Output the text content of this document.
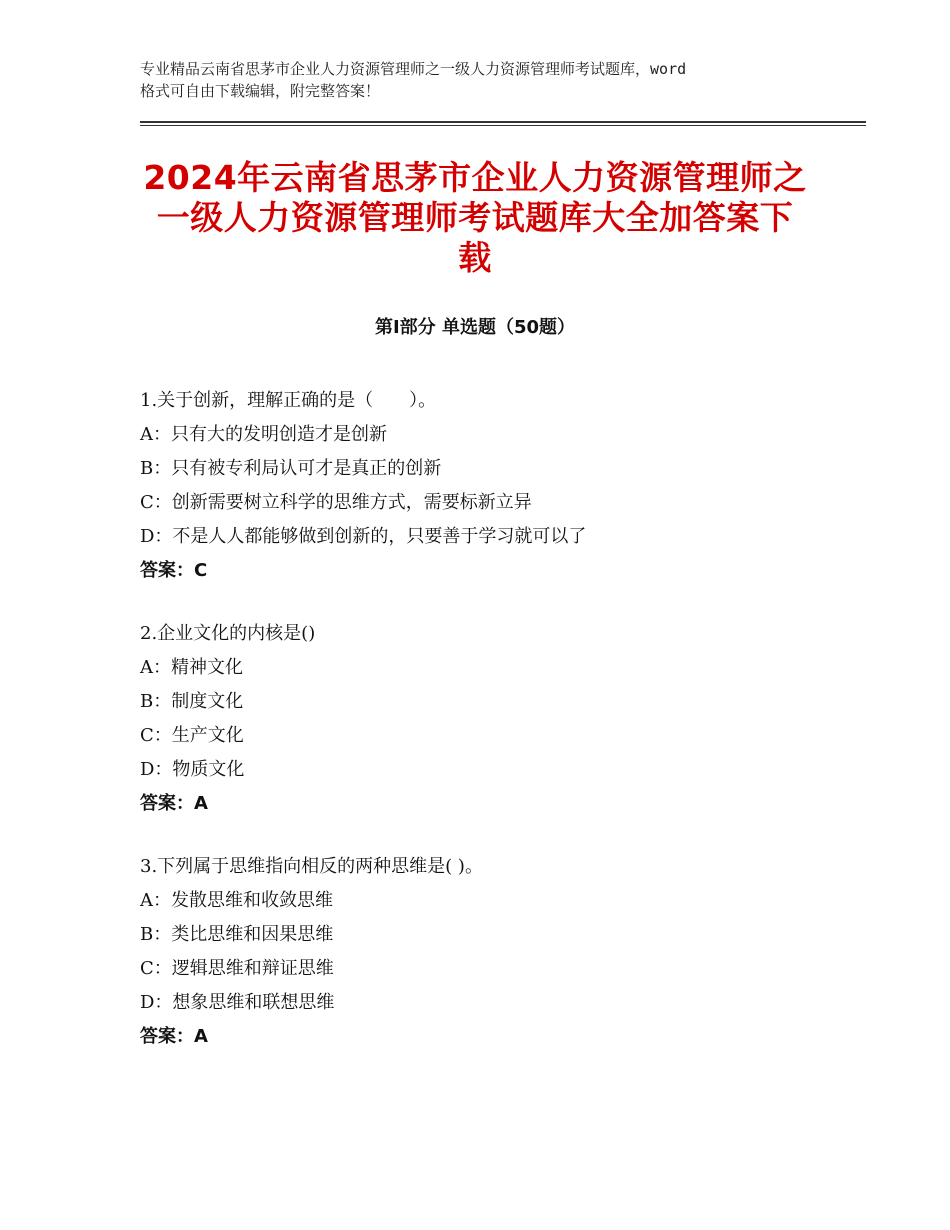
专业精品云南省思茅市企业人力资源管理师之一级人力资源管理师考试题库，word
格式可自由下载编辑，附完整答案！
2024年云南省思茅市企业人力资源管理师之
一级人力资源管理师考试题库大全加答案下
载
第Ⅰ部分 单选题（50题）
1.关于创新，理解正确的是（　　）。
A：只有大的发明创造才是创新
B：只有被专利局认可才是真正的创新
C：创新需要树立科学的思维方式，需要标新立异
D：不是人人都能够做到创新的，只要善于学习就可以了
答案：C
2.企业文化的内核是()
A：精神文化
B：制度文化
C：生产文化
D：物质文化
答案：A
3.下列属于思维指向相反的两种思维是( )。
A：发散思维和收敛思维
B：类比思维和因果思维
C：逻辑思维和辩证思维
D：想象思维和联想思维
答案：A
